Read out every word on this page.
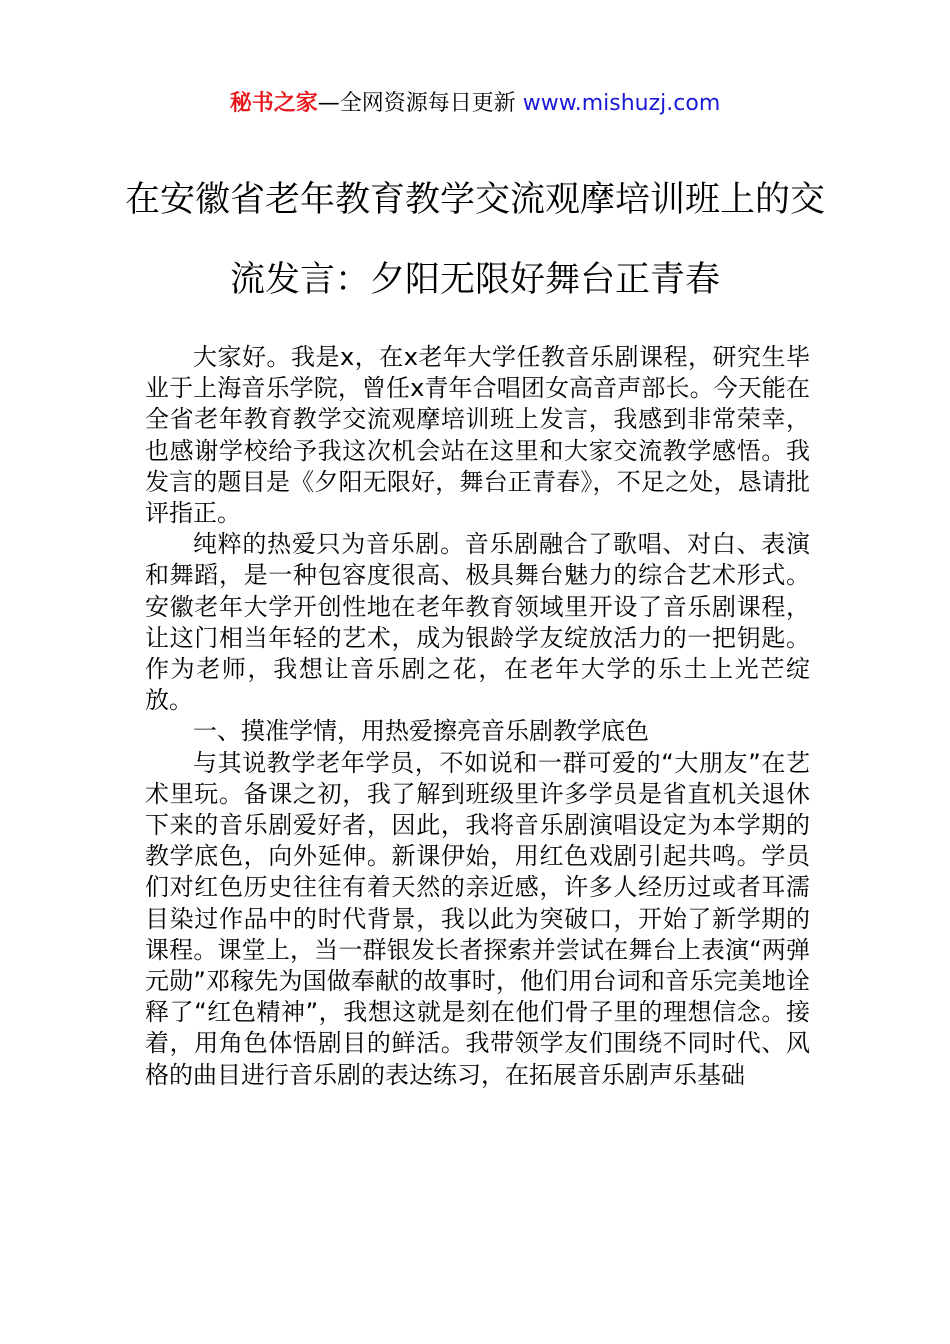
秘书之家—全网资源每日更新 www.mishuzj.com
在安徽省老年教育教学交流观摩培训班上的交流发言：夕阳无限好舞台正青春

大家好。我是x，在x老年大学任教音乐剧课程，研究生毕业于上海音乐学院，曾任x青年合唱团女高音声部长。今天能在全省老年教育教学交流观摩培训班上发言，我感到非常荣幸，也感谢学校给予我这次机会站在这里和大家交流教学感悟。我发言的题目是《夕阳无限好，舞台正青春》，不足之处，恳请批评指正。

纯粹的热爱只为音乐剧。音乐剧融合了歌唱、对白、表演和舞蹈，是一种包容度很高、极具舞台魅力的综合艺术形式。安徽老年大学开创性地在老年教育领域里开设了音乐剧课程，让这门相当年轻的艺术，成为银龄学友绽放活力的一把钥匙。作为老师，我想让音乐剧之花，在老年大学的乐土上光芒绽放。

一、摸准学情，用热爱擦亮音乐剧教学底色

与其说教学老年学员，不如说和一群可爱的“大朋友”在艺术里玩。备课之初，我了解到班级里许多学员是省直机关退休下来的音乐剧爱好者，因此，我将音乐剧演唱设定为本学期的教学底色，向外延伸。新课伊始，用红色戏剧引起共鸣。学员们对红色历史往往有着天然的亲近感，许多人经历过或者耳濡目染过作品中的时代背景，我以此为突破口，开始了新学期的课程。课堂上，当一群银发长者探索并尝试在舞台上表演“两弹元勋”邓稼先为国做奉献的故事时，他们用台词和音乐完美地诠释了“红色精神”，我想这就是刻在他们骨子里的理想信念。接着，用角色体悟剧目的鲜活。我带领学友们围绕不同时代、风格的曲目进行音乐剧的表达练习，在拓展音乐剧声乐基础
